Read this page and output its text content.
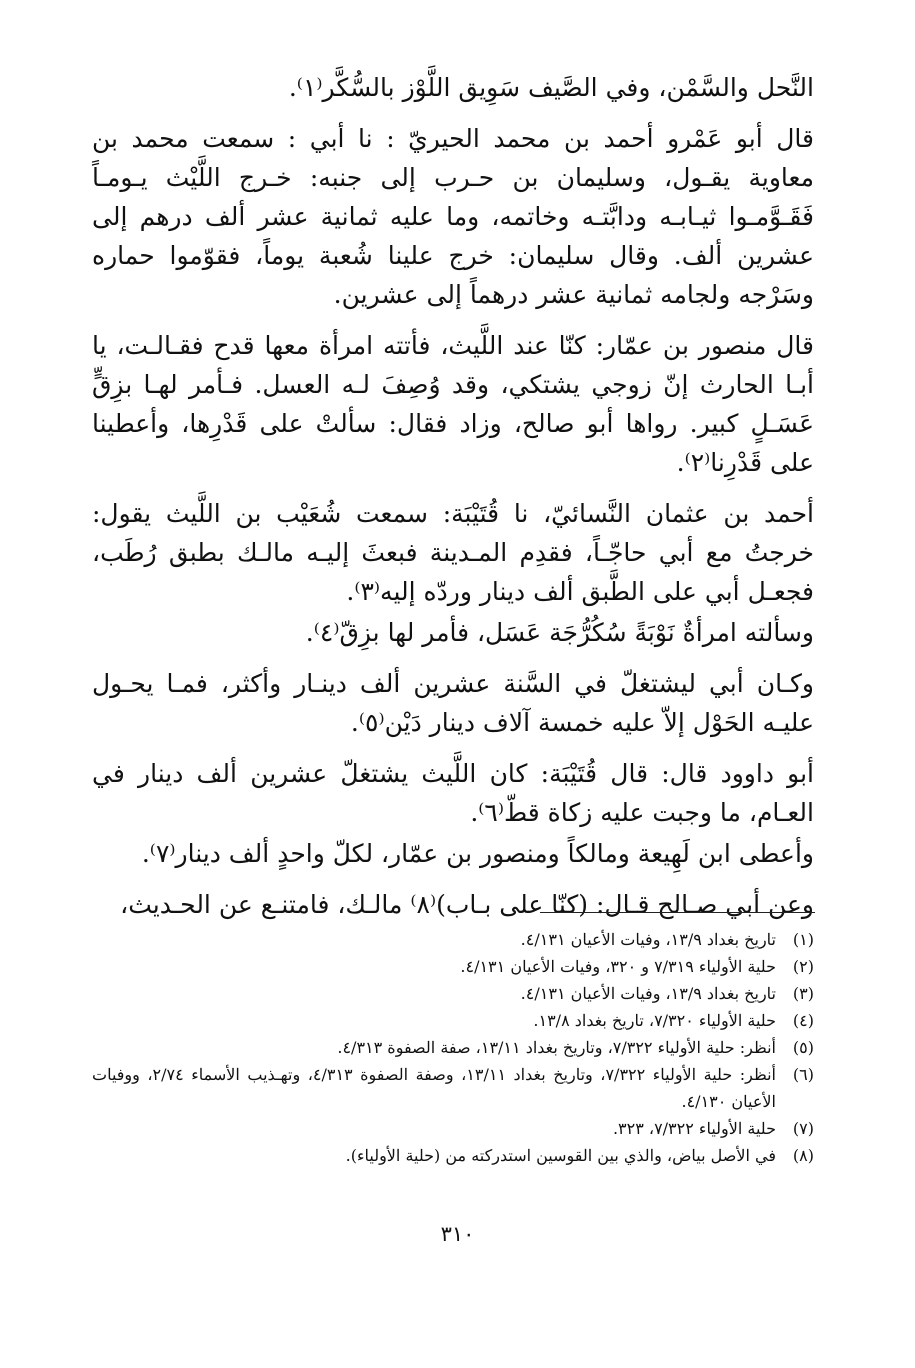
النَّحل والسَّمْن، وفي الصَّيف سَوِيق اللَّوْز بالسُّكَّر⁽١⁾.

قال أبو عَمْرو أحمد بن محمد الحيريّ : نا أبي : سمعت محمد بن معاوية يقـول، وسليمان بن حـرب إلى جنبه: خـرج اللَّيْث يـومـاً فَقَـوَّمـوا ثيـابـه ودابَّتـه وخاتمه، وما عليه ثمانية عشر ألف درهم إلى عشرين ألف. وقال سليمان: خرج علينا شُعبة يوماً، فقوّموا حماره وسَرْجه ولجامه ثمانية عشر درهماً إلى عشرين.

قال منصور بن عمّار: كنّا عند اللَّيث، فأتته امرأة معها قدح فقـالـت، يا أبـا الحارث إنّ زوجي يشتكي، وقد وُصِفَ لـه العسل. فـأمر لهـا بزِقٍّ عَسَـلٍ كبير. رواها أبو صالح، وزاد فقال: سألتْ على قَدْرِها، وأعطينا على قَدْرِنا⁽٢⁾.

أحمد بن عثمان النَّسائيّ، نا قُتَيْبَة: سمعت شُعَيْب بن اللَّيث يقول: خرجتُ مع أبي حاجّـاً، فقدِم المـدينة فبعثَ إليـه مالـك بطبق رُطَب، فجعـل أبي على الطَّبق ألف دينار وردّه إليه⁽٣⁾.

وسألته امرأةٌ نَوْبَةً سُكُرُّجَة عَسَل، فأمر لها بزِقّ⁽٤⁾.

وكـان أبي ليشتغلّ في السَّنة عشرين ألف دينـار وأكثر، فمـا يحـول عليـه الحَوْل إلاّ عليه خمسة آلاف دينار دَيْن⁽٥⁾.

أبو داوود قال: قال قُتَيْبَة: كان اللَّيث يشتغلّ عشرين ألف دينار في العـام، ما وجبت عليه زكاة قطّ⁽٦⁾.

وأعطى ابن لَهِيعة ومالكاً ومنصور بن عمّار، لكلّ واحدٍ ألف دينار⁽٧⁾.

وعن أبي صـالح قـال: (كنّا على بـاب)⁽٨⁾ مالـك، فامتنـع عن الحـديث،

(١)
تاريخ بغداد ١٣/٩، وفيات الأعيان ٤/١٣١.
(٢)
حلية الأولياء ٧/٣١٩ و ٣٢٠، وفيات الأعيان ٤/١٣١.
(٣)
تاريخ بغداد ١٣/٩، وفيات الأعيان ٤/١٣١.
(٤)
حلية الأولياء ٧/٣٢٠، تاريخ بغداد ١٣/٨.
(٥)
أنظر: حلية الأولياء ٧/٣٢٢، وتاريخ بغداد ١٣/١١، صفة الصفوة ٤/٣١٣.
(٦)
أنظر: حلية الأولياء ٧/٣٢٢، وتاريخ بغداد ١٣/١١، وصفة الصفوة ٤/٣١٣، وتهـذيب الأسماء ٢/٧٤، ووفيات الأعيان ٤/١٣٠.
(٧)
حلية الأولياء ٧/٣٢٢، ٣٢٣.
(٨)
في الأصل بياض، والذي بين القوسين استدركته من (حلية الأولياء).
٣١٠
